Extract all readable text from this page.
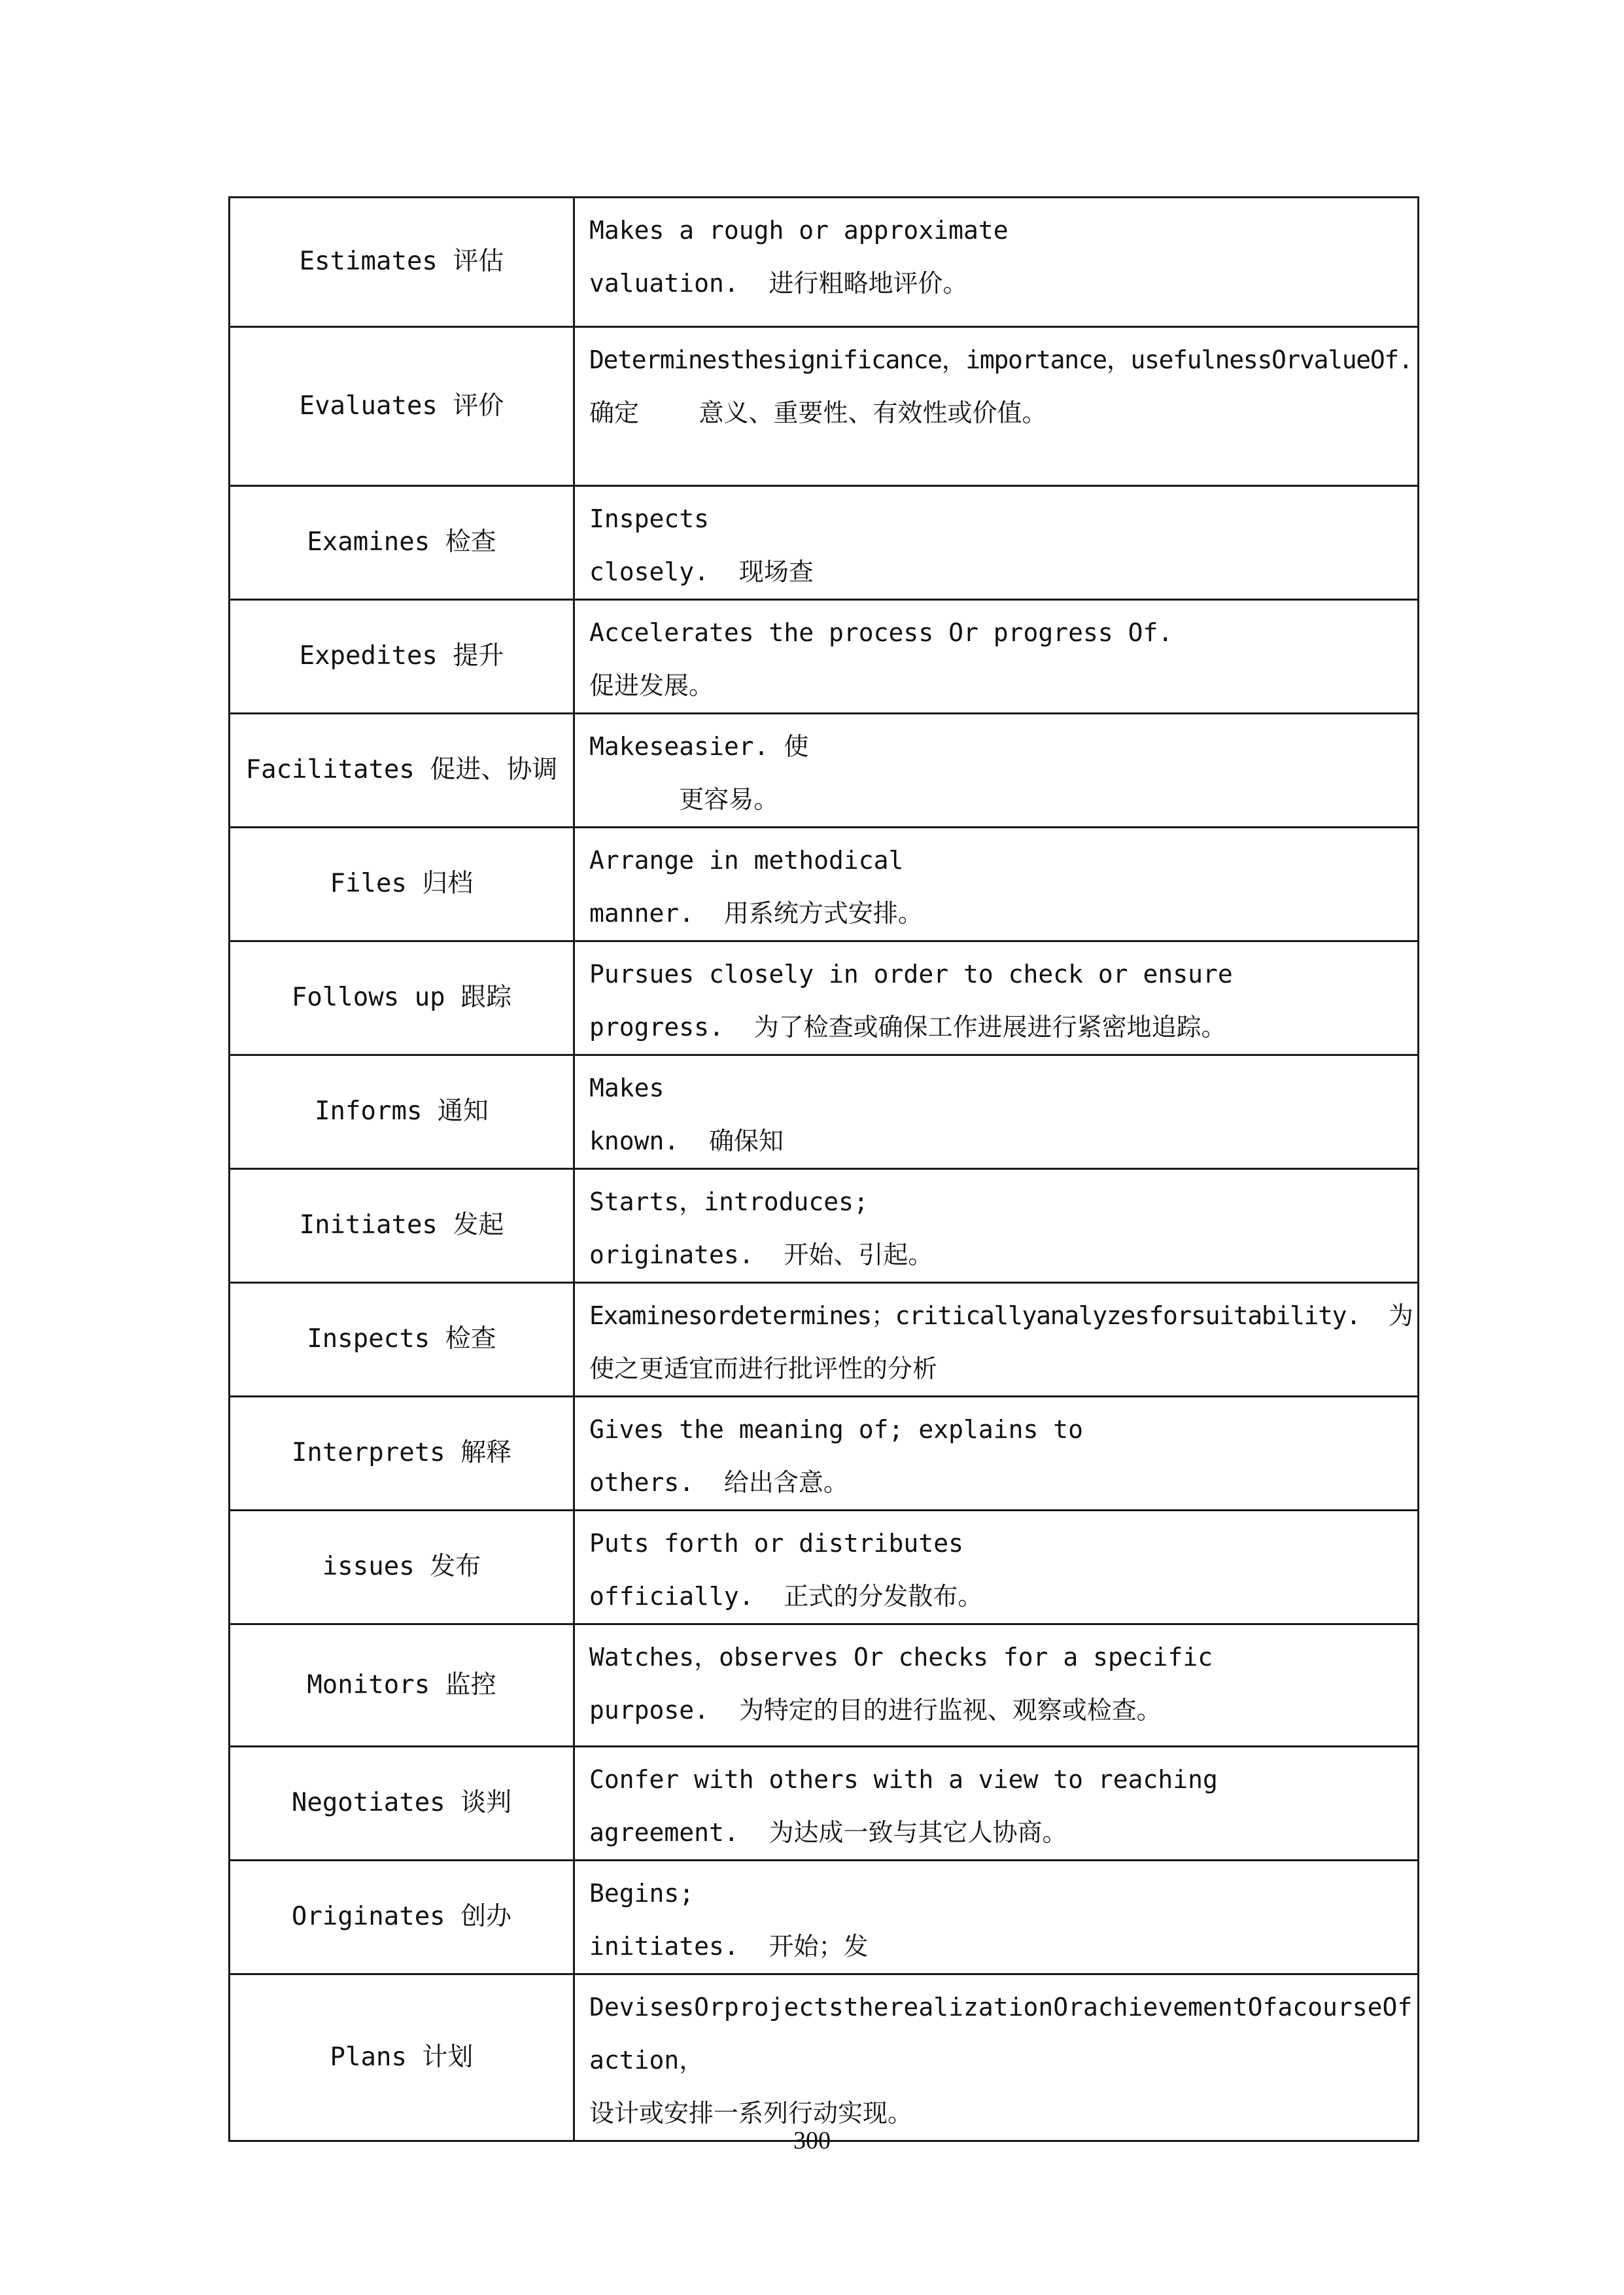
Estimates 评估	Makes a rough or approximate
valuation.  进行粗略地评价。

Evaluates 评价	Determinesthesignificance，importance，usefulnessOrvalueOf.
确定    意义、重要性、有效性或价值。

Examines 检查	Inspects
closely.  现场查

Expedites 提升	Accelerates the process Or progress Of.
促进发展。

Facilitates 促进、协调	Makeseasier. 使
更容易。

Files 归档	Arrange in methodical
manner.  用系统方式安排。

Follows up 跟踪	Pursues closely in order to check or ensure
progress.  为了检查或确保工作进展进行紧密地追踪。

Informs 通知	Makes
known.  确保知

Initiates 发起	Starts，introduces;
originates.  开始、引起。

Inspects 检查	Examinesordetermines；criticallyanalyzesforsuitability.  为
使之更适宜而进行批评性的分析

Interprets 解释	Gives the meaning of; explains to
others.  给出含意。

issues 发布	Puts forth or distributes
officially.  正式的分发散布。

Monitors 监控	Watches，observes Or checks for a specific
purpose.  为特定的目的进行监视、观察或检查。

Negotiates 谈判	Confer with others with a view to reaching
agreement.  为达成一致与其它人协商。

Originates 创办	Begins;
initiates.  开始；发

Plans 计划	DevisesOrprojectstherealizationOrachievementOfacourseOf
action，
设计或安排一系列行动实现。
300
